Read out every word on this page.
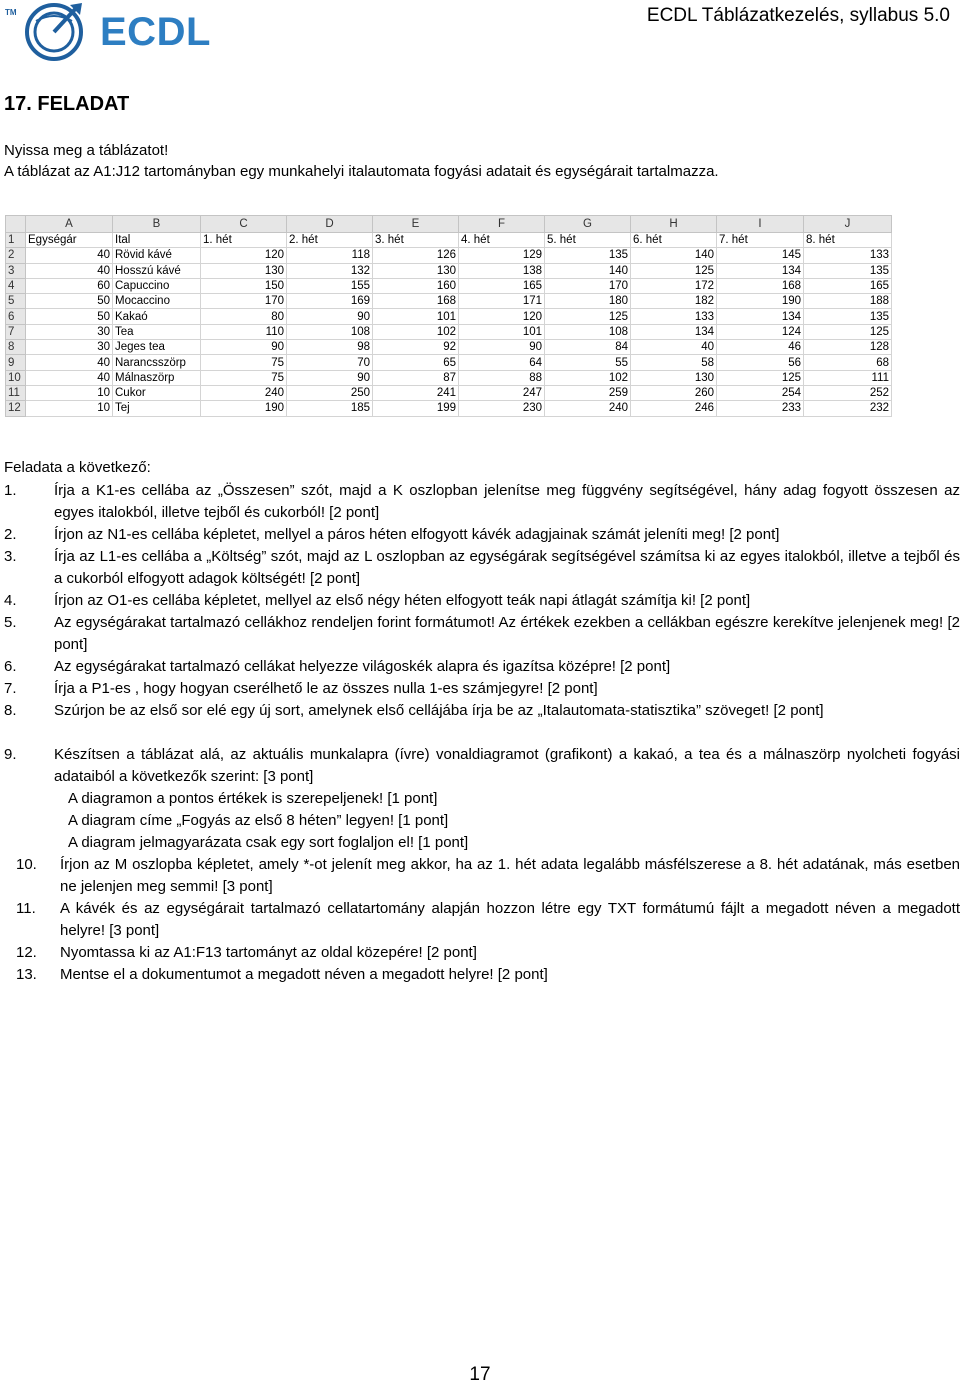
TM ECDL	ECDL Táblázatkezelés, syllabus 5.0
17. FELADAT
Nyissa meg a táblázatot!
A táblázat az A1:J12 tartományban egy munkahelyi italautomata fogyási adatait és egységárait tartalmazza.
	A	B	C	D	E	F	G	H	I	J
1	Egységár	Ital	1. hét	2. hét	3. hét	4. hét	5. hét	6. hét	7. hét	8. hét
2	40	Rövid kávé	120	118	126	129	135	140	145	133
3	40	Hosszú kávé	130	132	130	138	140	125	134	135
4	60	Capuccino	150	155	160	165	170	172	168	165
5	50	Mocaccino	170	169	168	171	180	182	190	188
6	50	Kakaó	80	90	101	120	125	133	134	135
7	30	Tea	110	108	102	101	108	134	124	125
8	30	Jeges tea	90	98	92	90	84	40	46	128
9	40	Narancsszörp	75	70	65	64	55	58	56	68
10	40	Málnaszörp	75	90	87	88	102	130	125	111
11	10	Cukor	240	250	241	247	259	260	254	252
12	10	Tej	190	185	199	230	240	246	233	232
Feladata a következő:
1.	Írja a K1-es cellába az „Összesen” szót, majd a K oszlopban jelenítse meg függvény segítségével, hány adag fogyott összesen az egyes italokból, illetve tejből és cukorból! [2 pont]
2.	Írjon az N1-es cellába képletet, mellyel a páros héten elfogyott kávék adagjainak számát jeleníti meg! [2 pont]
3.	Írja az L1-es cellába a „Költség” szót, majd az L oszlopban az egységárak segítségével számítsa ki az egyes italokból, illetve a tejből és a cukorból elfogyott adagok költségét! [2 pont]
4.	Írjon az O1-es cellába képletet, mellyel az első négy héten elfogyott teák napi átlagát számítja ki! [2 pont]
5.	Az egységárakat tartalmazó cellákhoz rendeljen forint formátumot! Az értékek ezekben a cellákban egészre kerekítve jelenjenek meg! [2 pont]
6.	Az egységárakat tartalmazó cellákat helyezze világoskék alapra és igazítsa középre! [2 pont]
7.	Írja a P1-es , hogy hogyan cserélhető le az összes nulla 1-es számjegyre! [2 pont]
8.	Szúrjon be az első sor elé egy új sort, amelynek első cellájába írja be az „Italautomata-statisztika” szöveget! [2 pont]
9.	Készítsen a táblázat alá, az aktuális munkalapra (ívre) vonaldiagramot (grafikont) a kakaó, a tea és a málnaszörp nyolcheti fogyási adataiból a következők szerint: [3 pont]
A diagramon a pontos értékek is szerepeljenek! [1 pont]
A diagram címe „Fogyás az első 8 héten” legyen! [1 pont]
A diagram jelmagyarázata csak egy sort foglaljon el! [1 pont]
10.	Írjon az M oszlopba képletet, amely *-ot jelenít meg akkor, ha az 1. hét adata legalább másfélszerese a 8. hét adatának, más esetben ne jelenjen meg semmi! [3 pont]
11.	A kávék és az egységárait tartalmazó cellatartomány alapján hozzon létre egy TXT formátumú fájlt a megadott néven a megadott helyre! [3 pont]
12.	Nyomtassa ki az A1:F13 tartományt az oldal közepére! [2 pont]
13.	Mentse el a dokumentumot a megadott néven a megadott helyre! [2 pont]
17
